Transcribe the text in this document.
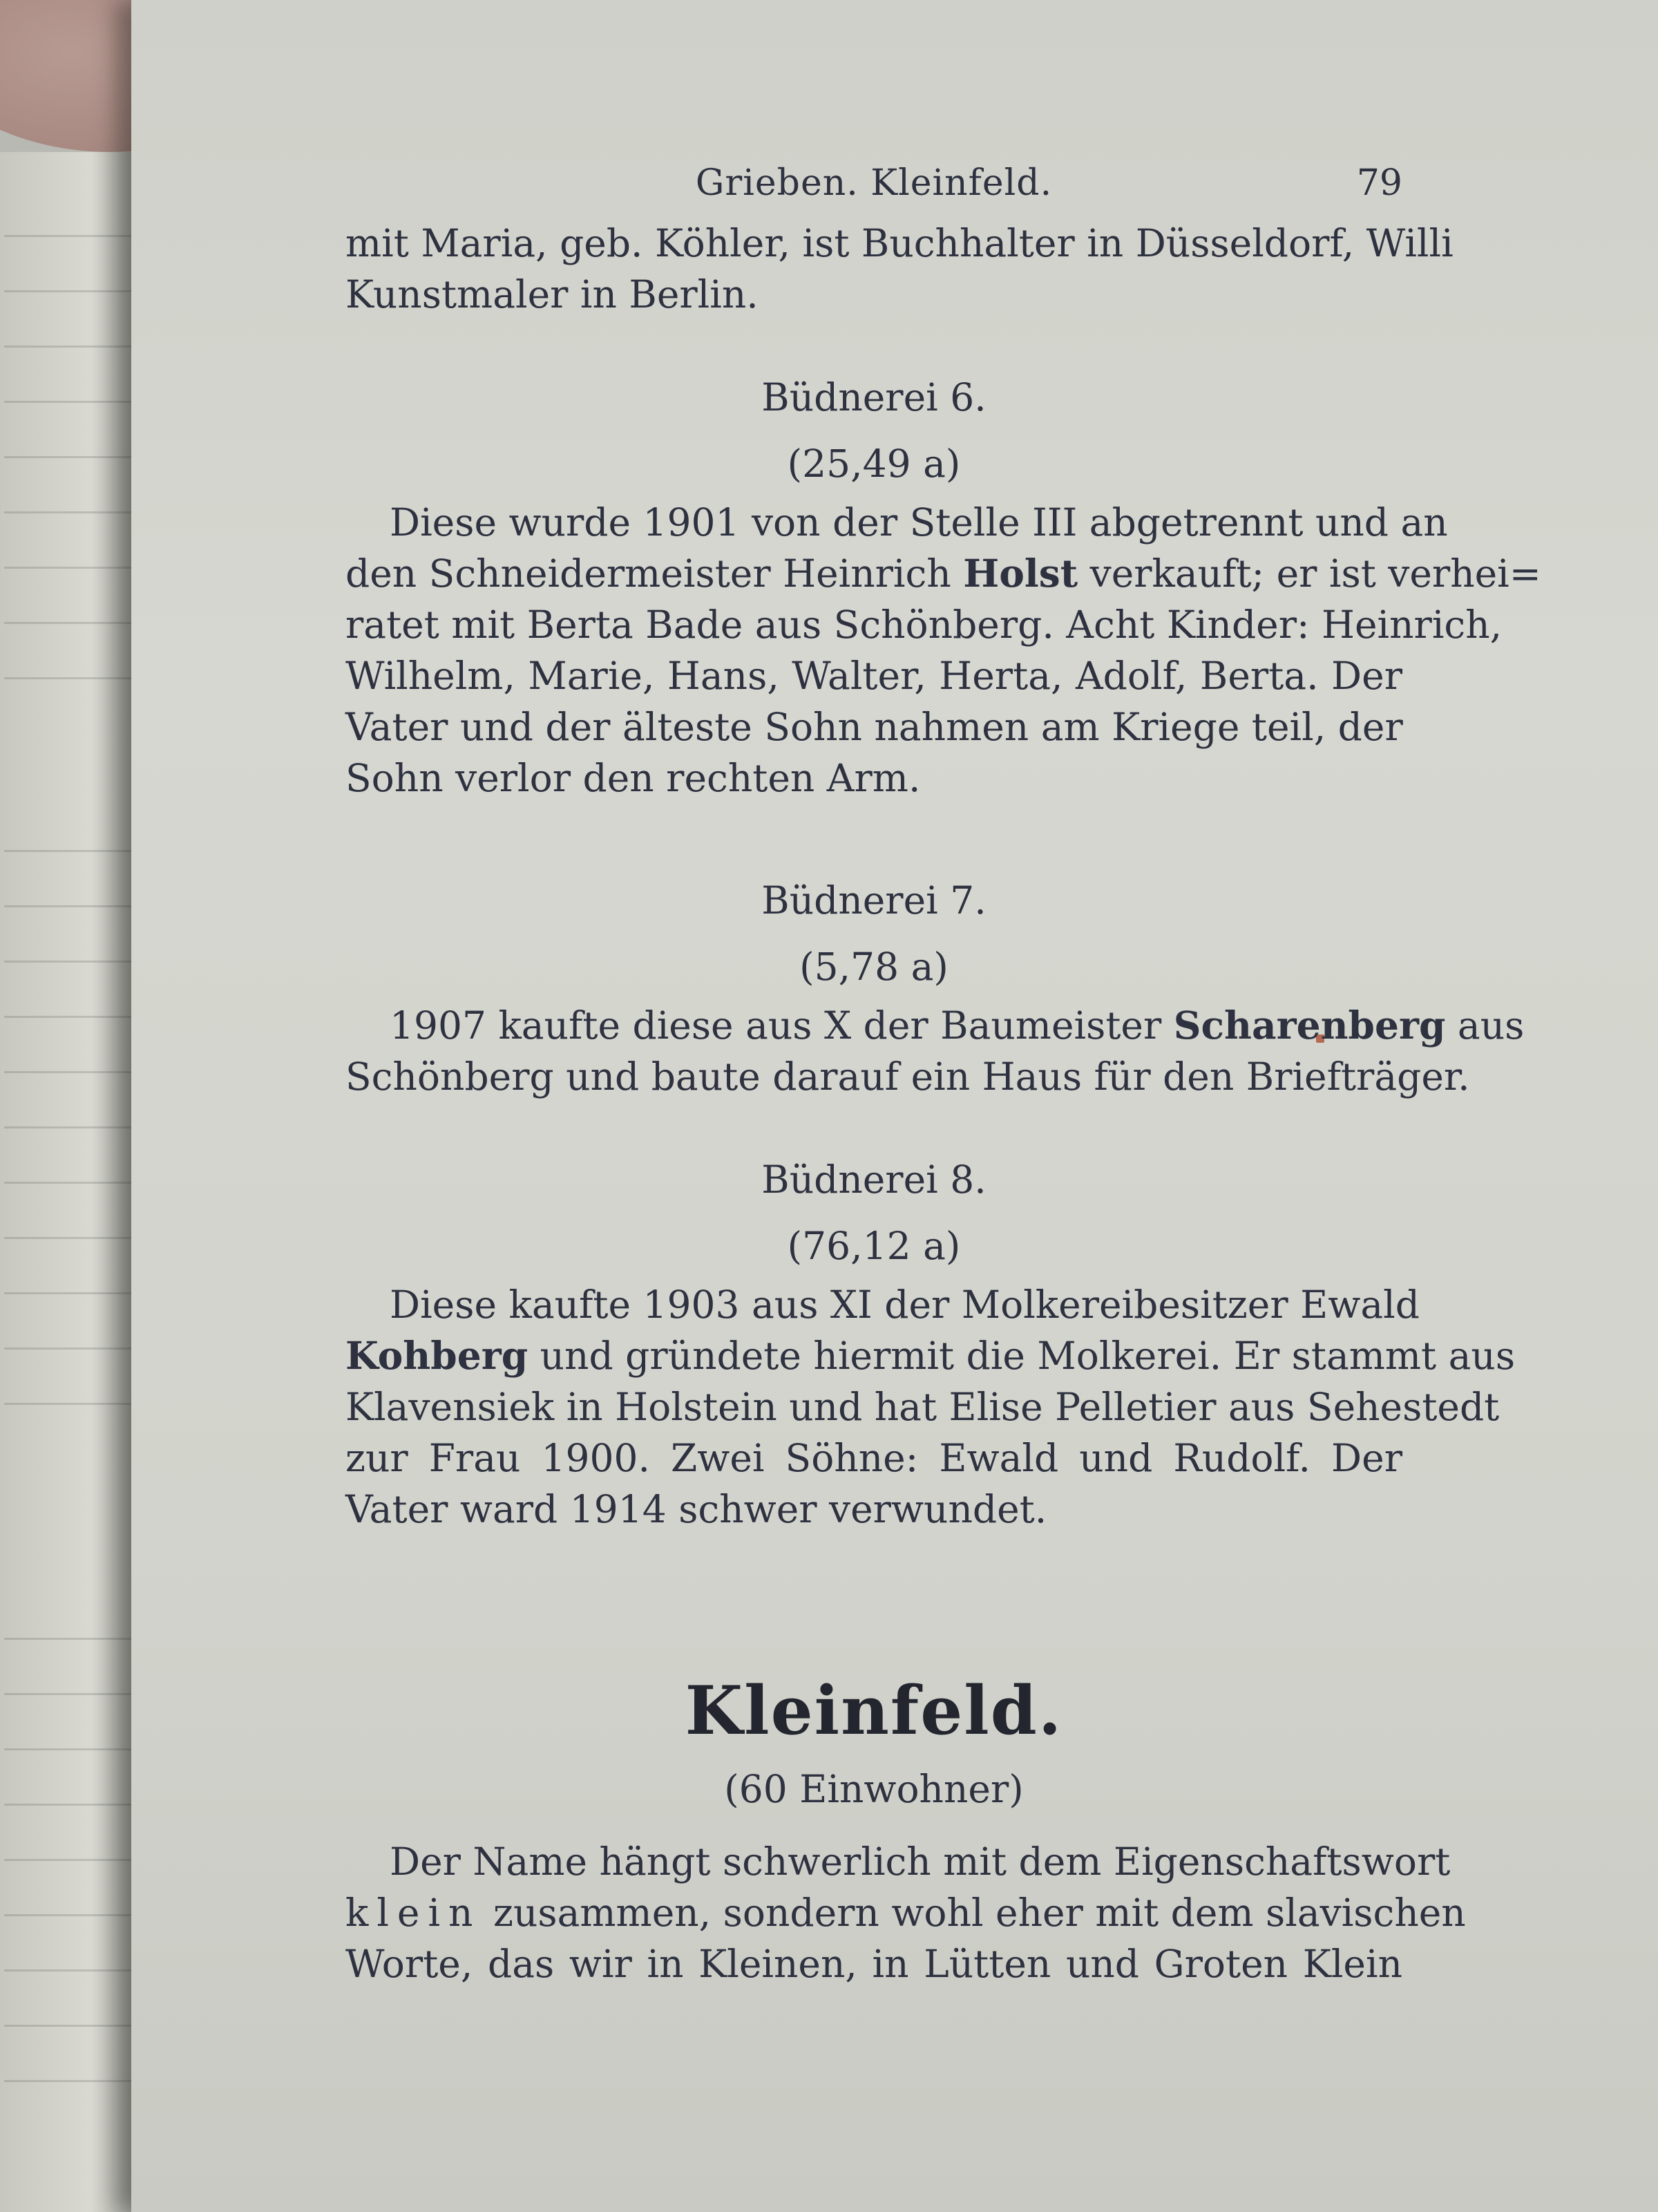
Grieben. Kleinfeld.	79
mit Maria, geb. Köhler, ist Buchhalter in Düsseldorf, Willi
Kunstmaler in Berlin.

Büdnerei 6.

(25,49 a)

Diese wurde 1901 von der Stelle III abgetrennt und an
den Schneidermeister Heinrich Holst verkauft; er ist verhei=
ratet mit Berta Bade aus Schönberg. Acht Kinder: Heinrich,
Wilhelm, Marie, Hans, Walter, Herta, Adolf, Berta. Der
Vater und der älteste Sohn nahmen am Kriege teil, der
Sohn verlor den rechten Arm.

Büdnerei 7.

(5,78 a)

1907 kaufte diese aus X der Baumeister Scharenberg aus
Schönberg und baute darauf ein Haus für den Briefträger.

Büdnerei 8.

(76,12 a)

Diese kaufte 1903 aus XI der Molkereibesitzer Ewald
Kohberg und gründete hiermit die Molkerei. Er stammt aus
Klavensiek in Holstein und hat Elise Pelletier aus Sehestedt
zur Frau 1900. Zwei Söhne: Ewald und Rudolf. Der
Vater ward 1914 schwer verwundet.
Kleinfeld.

(60 Einwohner)

Der Name hängt schwerlich mit dem Eigenschaftswort
klein zusammen, sondern wohl eher mit dem slavischen
Worte, das wir in Kleinen, in Lütten und Groten Klein
